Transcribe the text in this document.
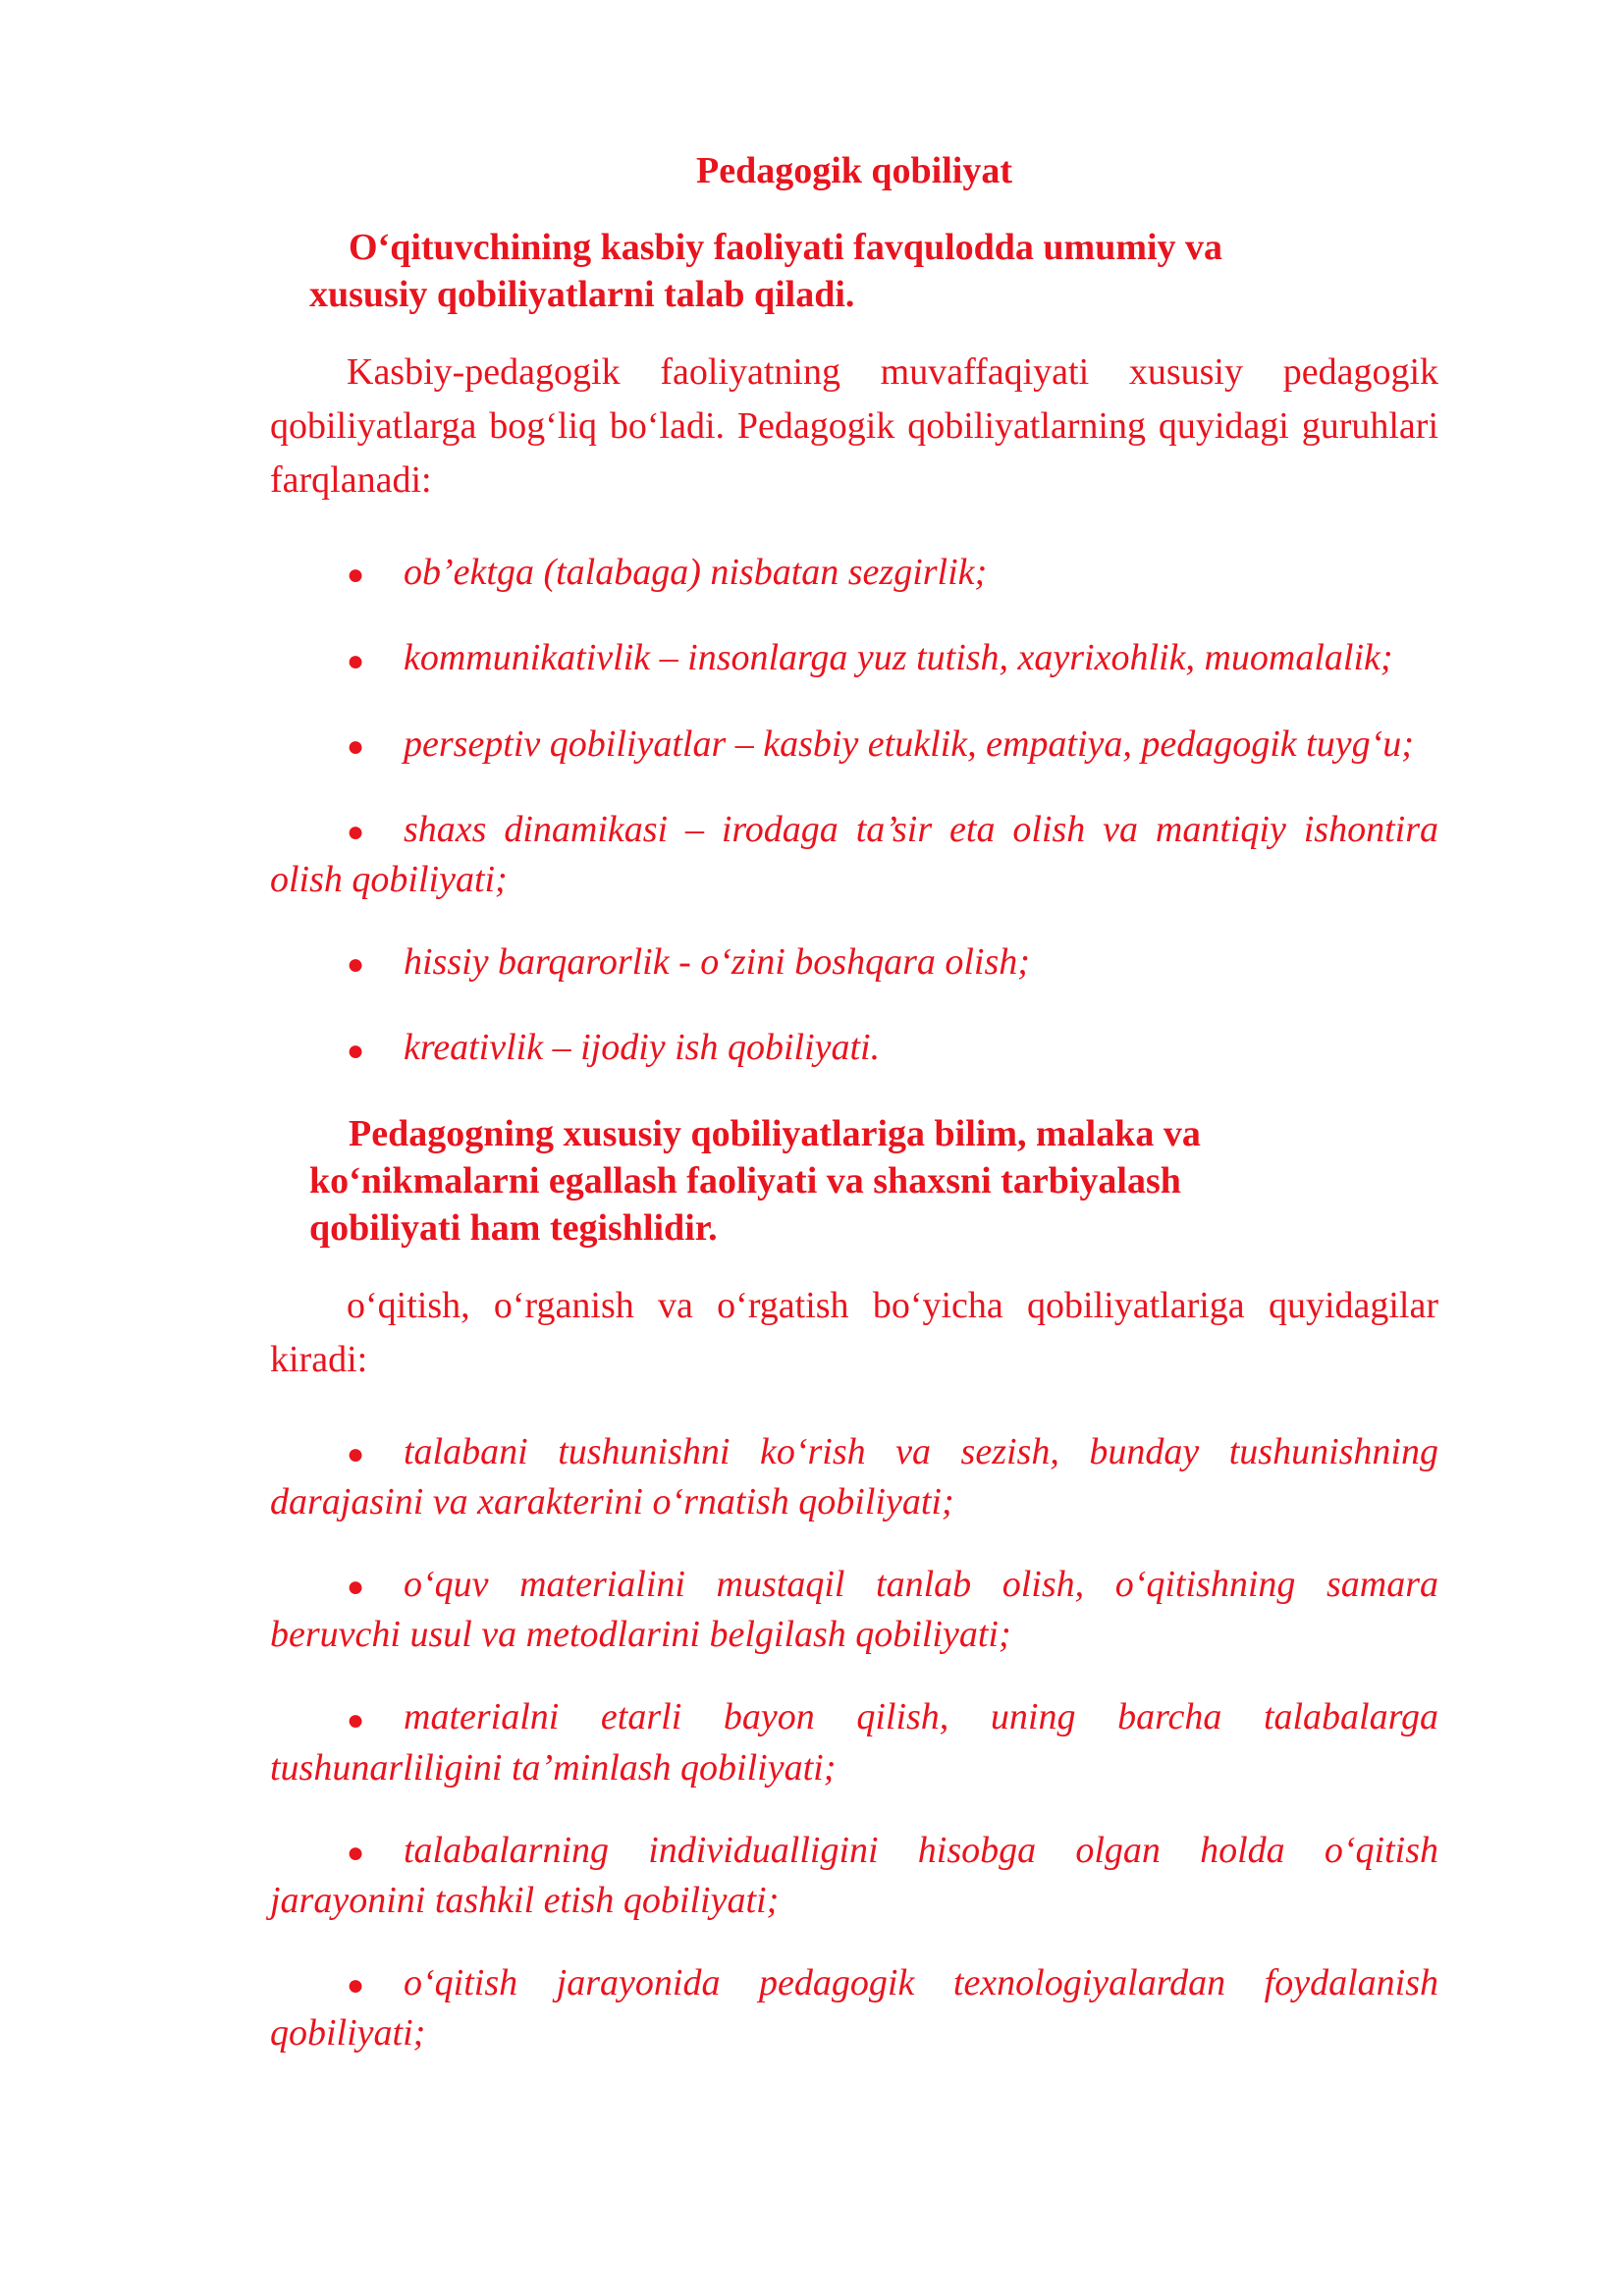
Pedagogik qobiliyat
O‘qituvchining kasbiy faoliyati favqulodda umumiy va xususiy qobiliyatlarni talab qiladi.
Kasbiy-pedagogik faoliyatning muvaffaqiyati xususiy pedagogik qobiliyatlarga bog‘liq bo‘ladi. Pedagogik qobiliyatlarning quyidagi guruhlari farqlanadi:
● ob’ektga (talabaga) nisbatan sezgirlik;
● kommunikativlik – insonlarga yuz tutish, xayrixohlik, muomalalik;
● perseptiv qobiliyatlar – kasbiy etuklik, empatiya, pedagogik tuyg‘u;
● shaxs dinamikasi – irodaga ta’sir eta olish va mantiqiy ishontira olish qobiliyati;
● hissiy barqarorlik - o‘zini boshqara olish;
● kreativlik – ijodiy ish qobiliyati.
Pedagogning xususiy qobiliyatlariga bilim, malaka va ko‘nikmalarni egallash faoliyati va shaxsni tarbiyalash qobiliyati ham tegishlidir.
o‘qitish, o‘rganish va o‘rgatish bo‘yicha qobiliyatlariga quyidagilar kiradi:
● talabani tushunishni ko‘rish va sezish, bunday tushunishning darajasini va xarakterini o‘rnatish qobiliyati;
● o‘quv materialini mustaqil tanlab olish, o‘qitishning samara beruvchi usul va metodlarini belgilash qobiliyati;
● materialni etarli bayon qilish, uning barcha talabalarga tushunarliligini ta’minlash qobiliyati;
● talabalarning individualligini hisobga olgan holda o‘qitish jarayonini tashkil etish qobiliyati;
● o‘qitish jarayonida pedagogik texnologiyalardan foydalanish qobiliyati;
